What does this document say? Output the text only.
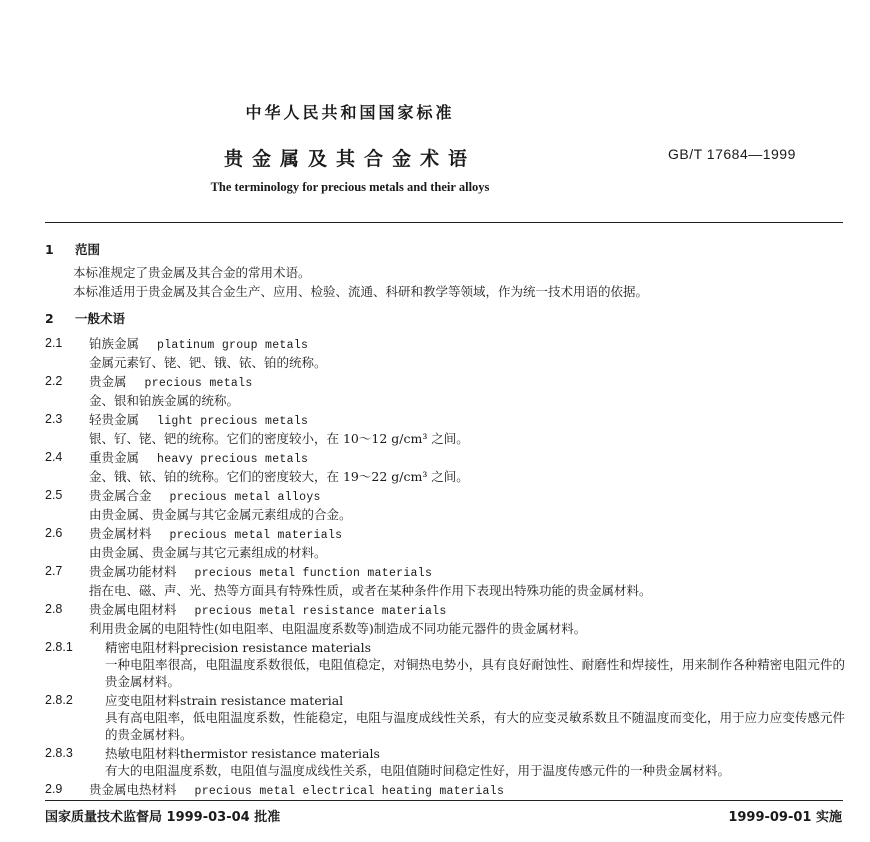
中华人民共和国国家标准
贵金属及其合金术语	GB/T 17684—1999
The terminology for precious metals and their alloys
1 范围
本标准规定了贵金属及其合金的常用术语。
本标准适用于贵金属及其合金生产、应用、检验、流通、科研和教学等领域，作为统一技术用语的依据。
2 一般术语
2.1 铂族金属 platinum group metals
金属元素钌、铑、钯、锇、铱、铂的统称。
2.2 贵金属 precious metals
金、银和铂族金属的统称。
2.3 轻贵金属 light precious metals
银、钌、铑、钯的统称。它们的密度较小，在 10～12 g/cm³ 之间。
2.4 重贵金属 heavy precious metals
金、锇、铱、铂的统称。它们的密度较大，在 19～22 g/cm³ 之间。
2.5 贵金属合金 precious metal alloys
由贵金属、贵金属与其它金属元素组成的合金。
2.6 贵金属材料 precious metal materials
由贵金属、贵金属与其它元素组成的材料。
2.7 贵金属功能材料 precious metal function materials
指在电、磁、声、光、热等方面具有特殊性质，或者在某种条件作用下表现出特殊功能的贵金属材料。
2.8 贵金属电阻材料 precious metal resistance materials
利用贵金属的电阻特性(如电阻率、电阻温度系数等)制造成不同功能元器件的贵金属材料。
2.8.1	精密电阻材料precision resistance materials
一种电阻率很高，电阻温度系数很低，电阻值稳定，对铜热电势小，具有良好耐蚀性、耐磨性和焊接性，用来制作各种精密电阻元件的贵金属材料。
2.8.2	应变电阻材料strain resistance material
具有高电阻率，低电阻温度系数，性能稳定，电阻与温度成线性关系，有大的应变灵敏系数且不随温度而变化，用于应力应变传感元件的贵金属材料。
2.8.3	热敏电阻材料thermistor resistance materials
有大的电阻温度系数，电阻值与温度成线性关系，电阻值随时间稳定性好，用于温度传感元件的一种贵金属材料。
2.9 贵金属电热材料 precious metal electrical heating materials
国家质量技术监督局 1999-03-04 批准	1999-09-01 实施
